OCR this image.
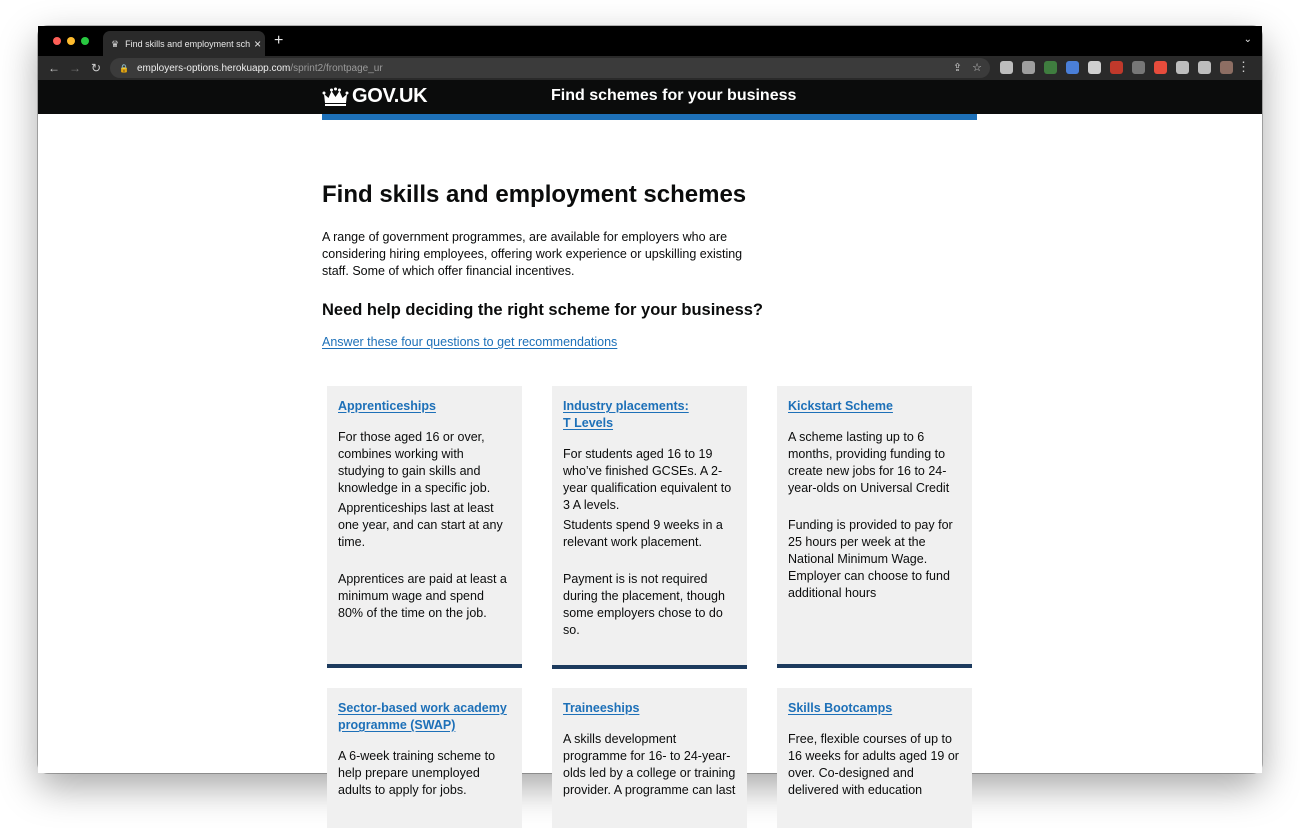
♛ Find skills and employment sch × +	⌄
← → ↻ 🔒 employers-options.herokuapp.com /sprint2/frontpage_ur	⇪ ☆	⋮
GOV.UK	Find schemes for your business
Find skills and employment schemes

A range of government programmes, are available for employers who are considering hiring employees, offering work experience or upskilling existing staff. Some of which offer financial incentives.

Need help deciding the right scheme for your business?
Answer these four questions to get recommendations
Apprenticeships

For those aged 16 or over, combines working with studying to gain skills and knowledge in a specific job.

Apprenticeships last at least one year, and can start at any time.

Apprentices are paid at least a minimum wage and spend 80% of the time on the job.

Industry placements: T Levels

For students aged 16 to 19 who’ve finished GCSEs. A 2-year qualification equivalent to 3 A levels.

Students spend 9 weeks in a relevant work placement.

Payment is is not required during the placement, though some employers chose to do so.

Kickstart Scheme

A scheme lasting up to 6 months, providing funding to create new jobs for 16 to 24-year-olds on Universal Credit

Funding is provided to pay for 25 hours per week at the National Minimum Wage. Employer can choose to fund additional hours

Sector-based work academy programme (SWAP)

A 6-week training scheme to help prepare unemployed adults to apply for jobs.

Traineeships

A skills development programme for 16- to 24-year-olds led by a college or training provider. A programme can last

Skills Bootcamps

Free, flexible courses of up to 16 weeks for adults aged 19 or over. Co-designed and delivered with education
